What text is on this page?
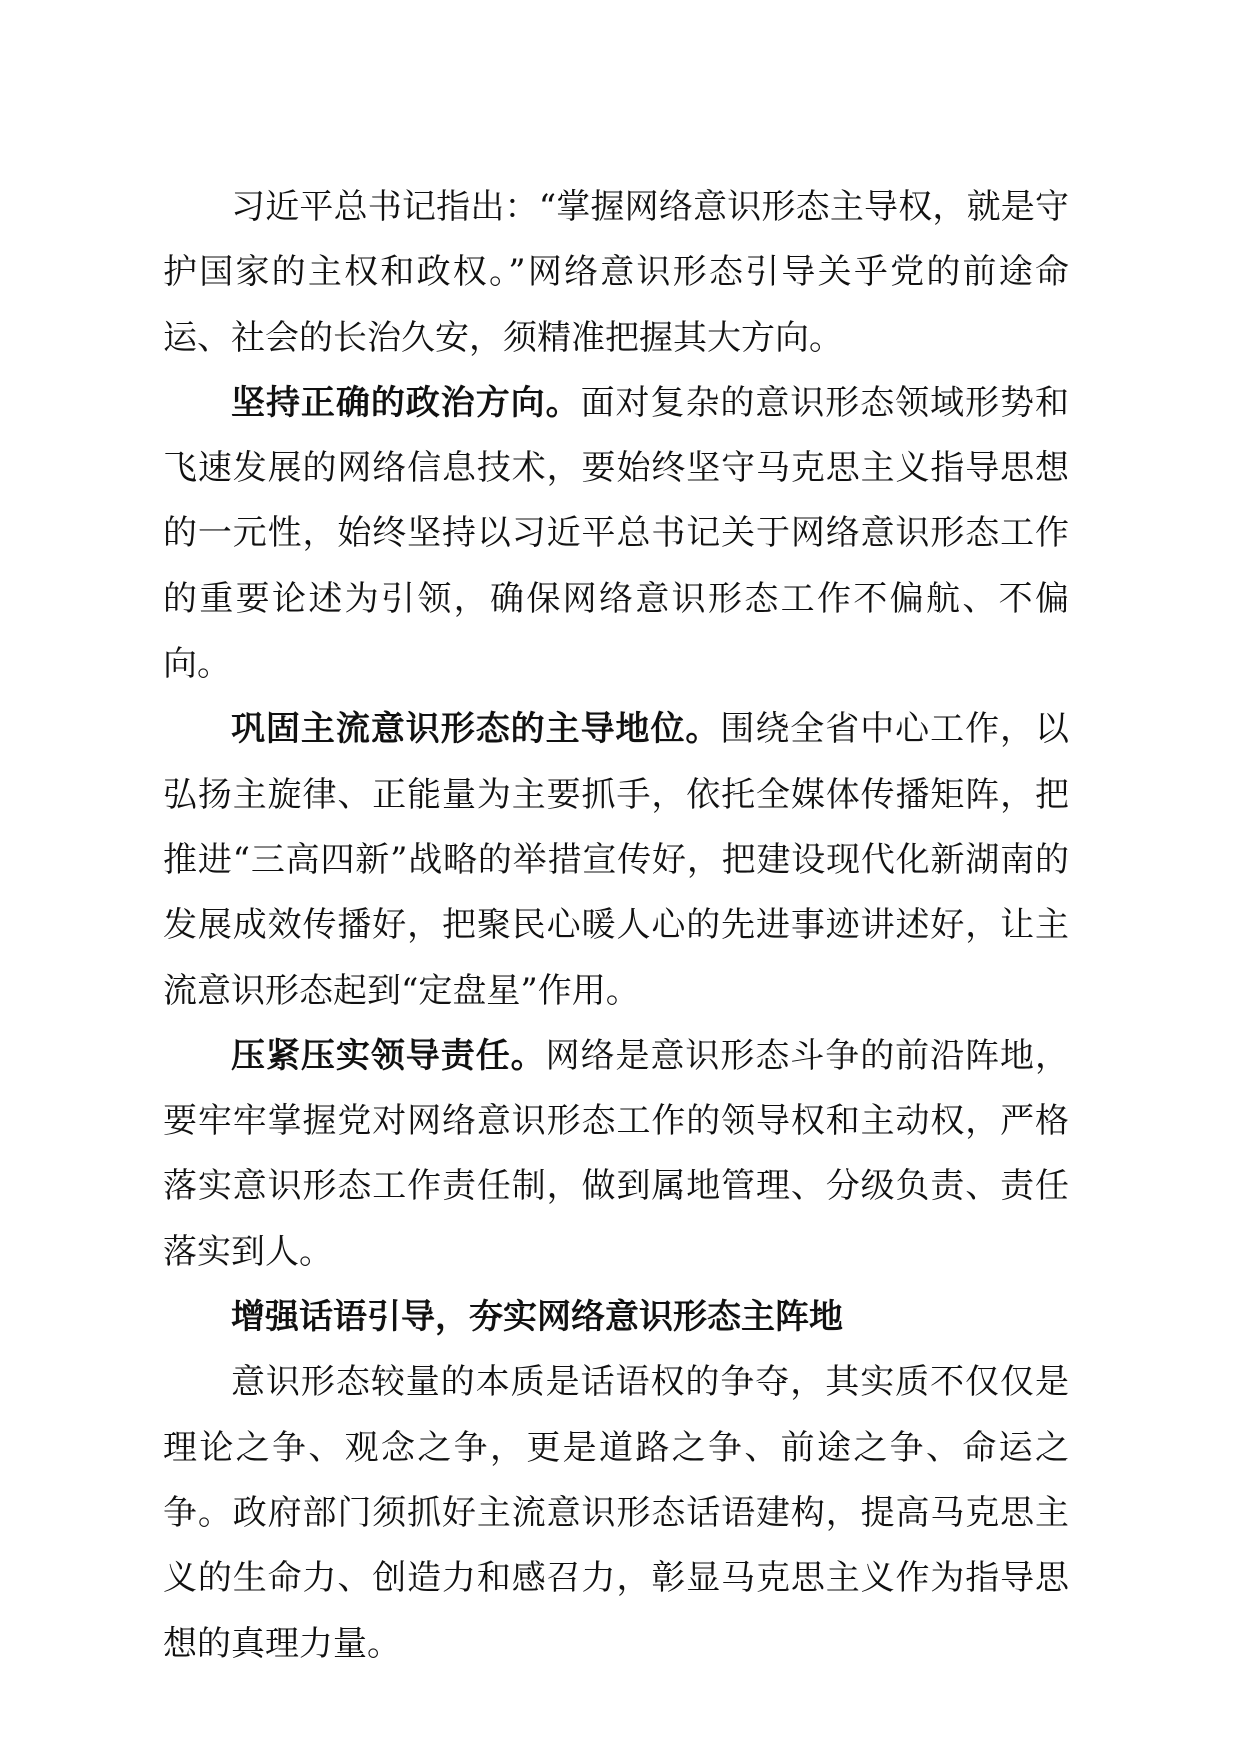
习近平总书记指出：“掌握网络意识形态主导权，就是守护国家的主权和政权。”网络意识形态引导关乎党的前途命运、社会的长治久安，须精准把握其大方向。

坚持正确的政治方向。面对复杂的意识形态领域形势和飞速发展的网络信息技术，要始终坚守马克思主义指导思想的一元性，始终坚持以习近平总书记关于网络意识形态工作的重要论述为引领，确保网络意识形态工作不偏航、不偏向。

巩固主流意识形态的主导地位。围绕全省中心工作，以弘扬主旋律、正能量为主要抓手，依托全媒体传播矩阵，把推进“三高四新”战略的举措宣传好，把建设现代化新湖南的发展成效传播好，把聚民心暖人心的先进事迹讲述好，让主流意识形态起到“定盘星”作用。

压紧压实领导责任。网络是意识形态斗争的前沿阵地，要牢牢掌握党对网络意识形态工作的领导权和主动权，严格落实意识形态工作责任制，做到属地管理、分级负责、责任落实到人。

增强话语引导，夯实网络意识形态主阵地

意识形态较量的本质是话语权的争夺，其实质不仅仅是理论之争、观念之争，更是道路之争、前途之争、命运之争。政府部门须抓好主流意识形态话语建构，提高马克思主义的生命力、创造力和感召力，彰显马克思主义作为指导思想的真理力量。
